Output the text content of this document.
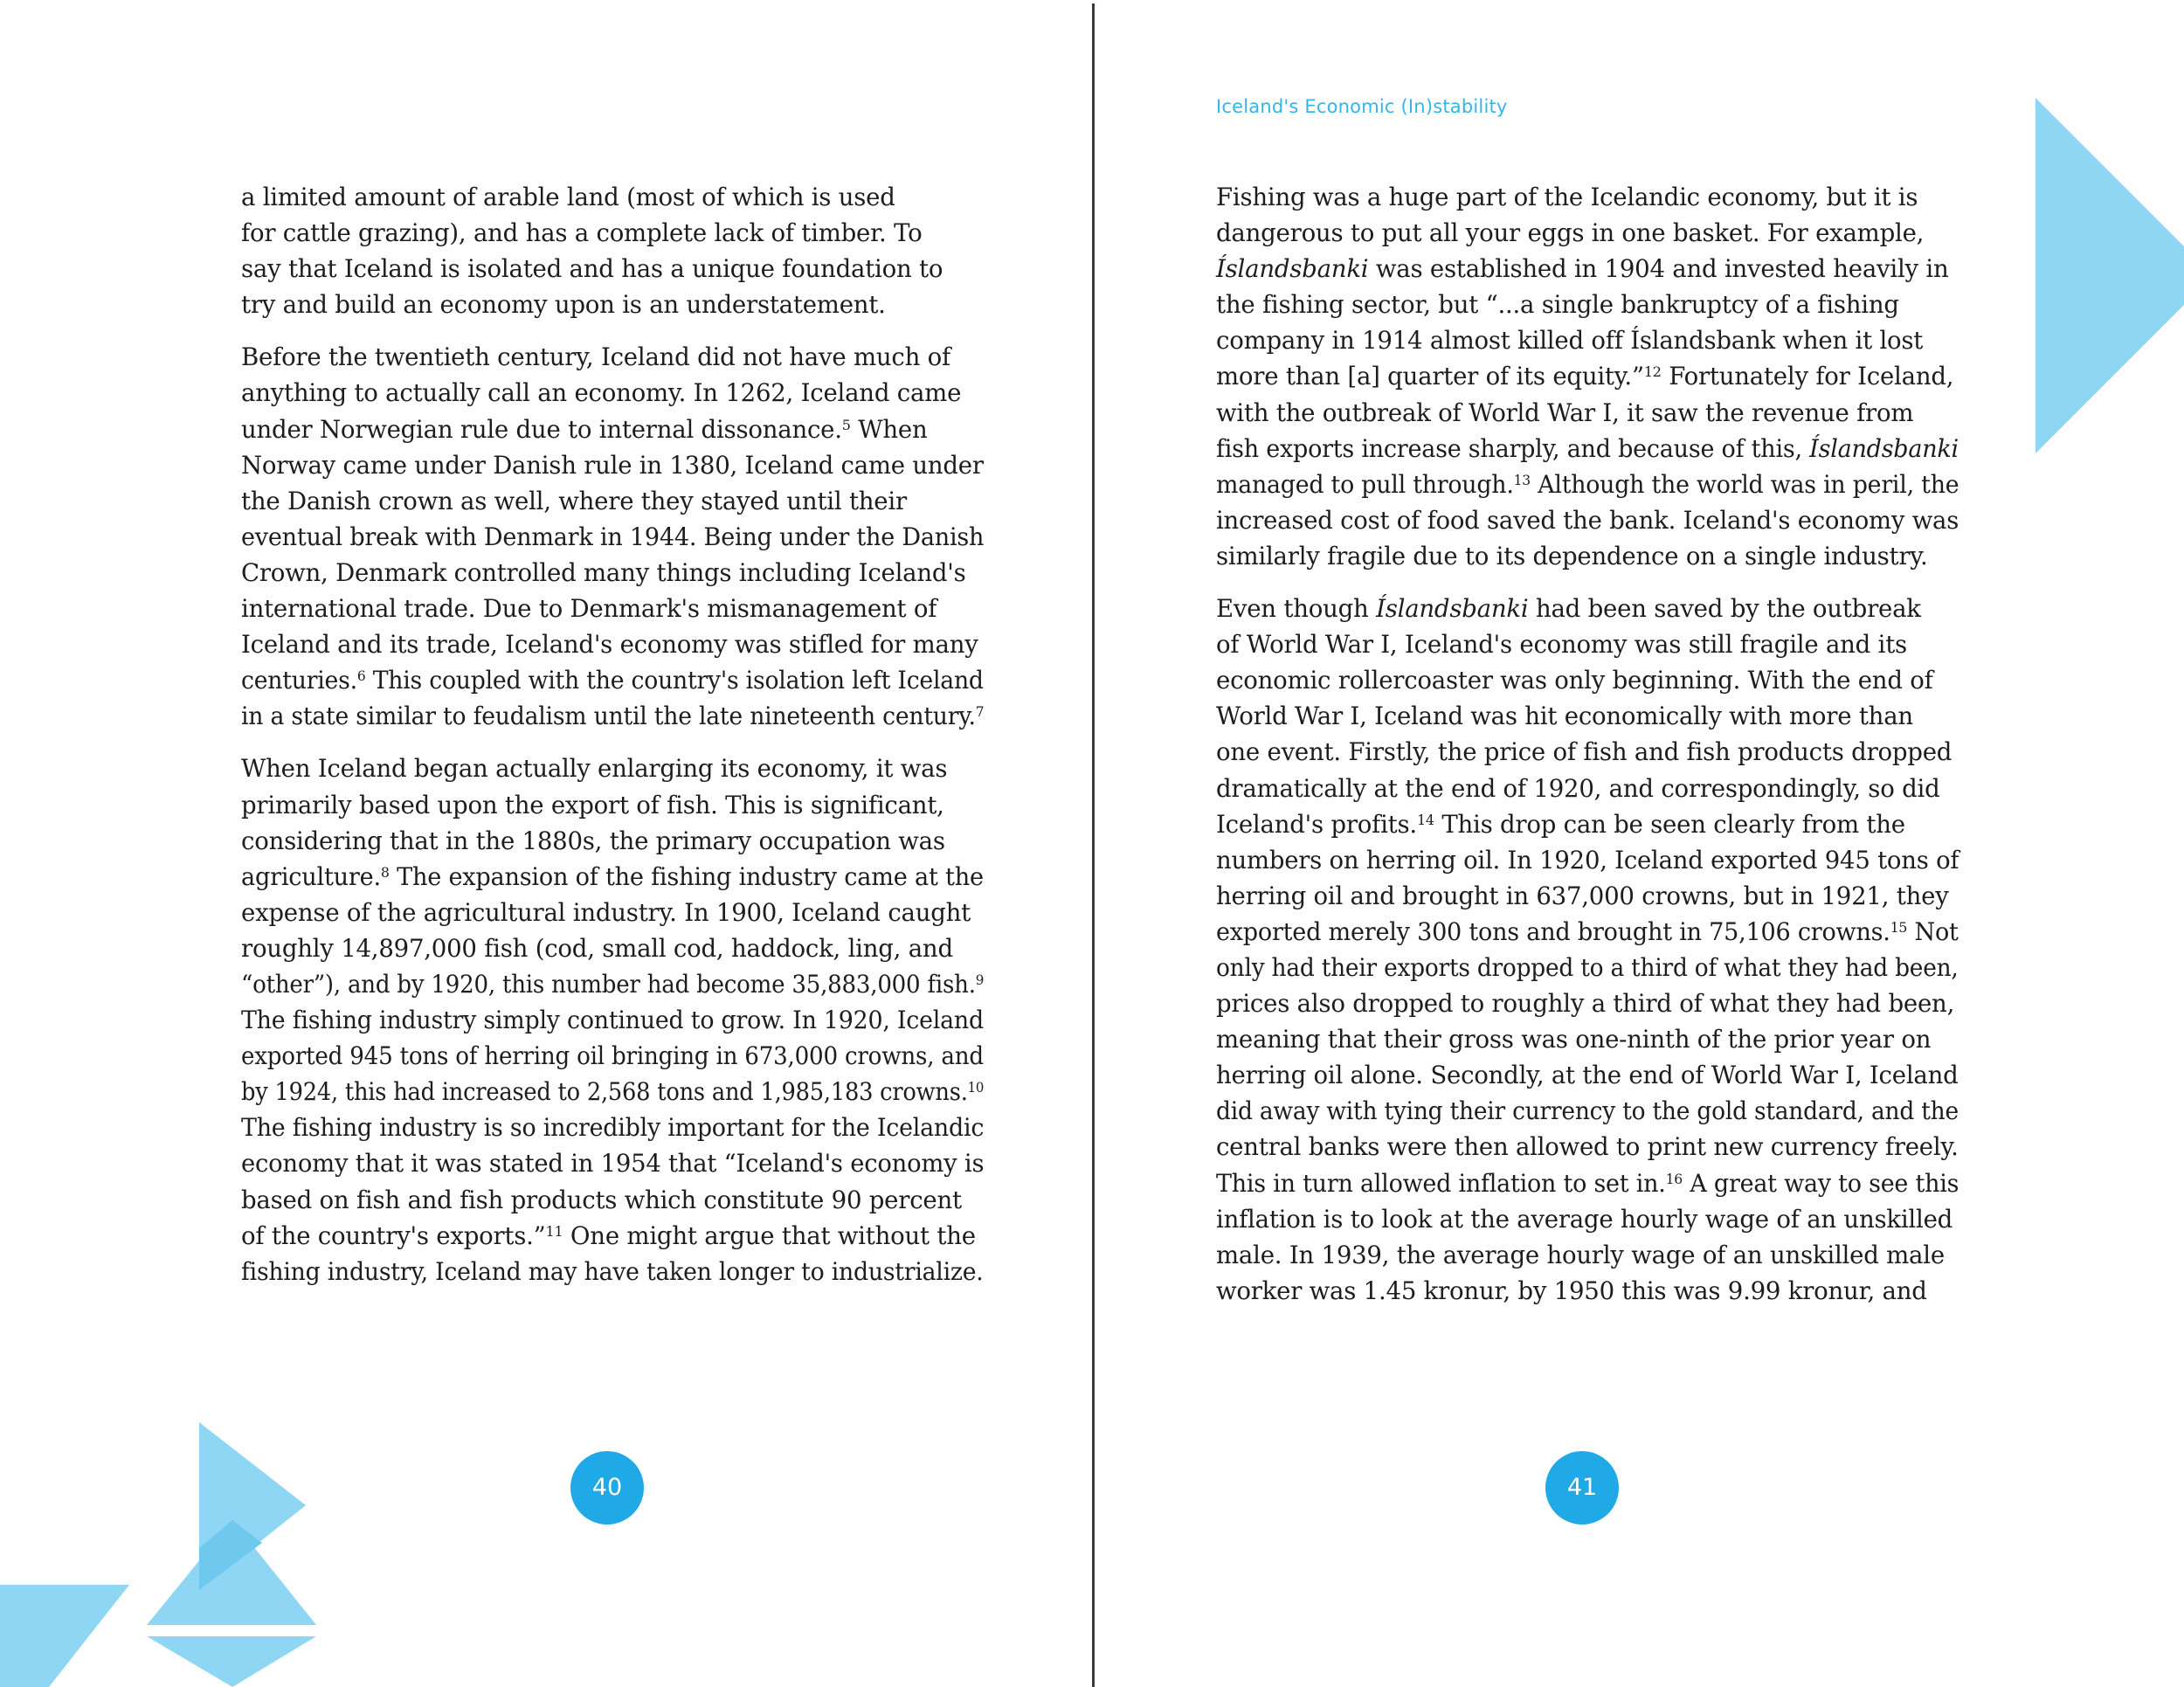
a limited amount of arable land (most of which is used
for cattle grazing), and has a complete lack of timber. To
say that Iceland is isolated and has a unique foundation to
try and build an economy upon is an understatement.
Before the twentieth century, Iceland did not have much of
anything to actually call an economy. In 1262, Iceland came
under Norwegian rule due to internal dissonance.$^5$ When
Norway came under Danish rule in 1380, Iceland came under
the Danish crown as well, where they stayed until their
eventual break with Denmark in 1944. Being under the Danish
Crown, Denmark controlled many things including Iceland's
international trade. Due to Denmark's mismanagement of
Iceland and its trade, Iceland's economy was stifled for many
centuries.$^6$ This coupled with the country's isolation left Iceland
in a state similar to feudalism until the late nineteenth century.$^7$
When Iceland began actually enlarging its economy, it was
primarily based upon the export of fish. This is significant,
considering that in the 1880s, the primary occupation was
agriculture.$^8$ The expansion of the fishing industry came at the
expense of the agricultural industry. In 1900, Iceland caught
roughly 14,897,000 fish (cod, small cod, haddock, ling, and
“other”), and by 1920, this number had become 35,883,000 fish.$^9$
The fishing industry simply continued to grow. In 1920, Iceland
exported 945 tons of herring oil bringing in 673,000 crowns, and
by 1924, this had increased to 2,568 tons and 1,985,183 crowns.$^{10}$
The fishing industry is so incredibly important for the Icelandic
economy that it was stated in 1954 that “Iceland's economy is
based on fish and fish products which constitute 90 percent
of the country's exports.”$^{11}$ One might argue that without the
fishing industry, Iceland may have taken longer to industrialize.
40
Iceland's Economic (In)stability
Fishing was a huge part of the Icelandic economy, but it is
dangerous to put all your eggs in one basket. For example,
Íslandsbanki was established in 1904 and invested heavily in
the fishing sector, but “...a single bankruptcy of a fishing
company in 1914 almost killed off Íslandsbank when it lost
more than [a] quarter of its equity.”$^{12}$ Fortunately for Iceland,
with the outbreak of World War I, it saw the revenue from
fish exports increase sharply, and because of this, Íslandsbanki
managed to pull through.$^{13}$ Although the world was in peril, the
increased cost of food saved the bank. Iceland's economy was
similarly fragile due to its dependence on a single industry.
Even though Íslandsbanki had been saved by the outbreak
of World War I, Iceland's economy was still fragile and its
economic rollercoaster was only beginning. With the end of
World War I, Iceland was hit economically with more than
one event. Firstly, the price of fish and fish products dropped
dramatically at the end of 1920, and correspondingly, so did
Iceland's profits.$^{14}$ This drop can be seen clearly from the
numbers on herring oil. In 1920, Iceland exported 945 tons of
herring oil and brought in 637,000 crowns, but in 1921, they
exported merely 300 tons and brought in 75,106 crowns.$^{15}$ Not
only had their exports dropped to a third of what they had been,
prices also dropped to roughly a third of what they had been,
meaning that their gross was one-ninth of the prior year on
herring oil alone. Secondly, at the end of World War I, Iceland
did away with tying their currency to the gold standard, and the
central banks were then allowed to print new currency freely.
This in turn allowed inflation to set in.$^{16}$ A great way to see this
inflation is to look at the average hourly wage of an unskilled
male. In 1939, the average hourly wage of an unskilled male
worker was 1.45 kronur, by 1950 this was 9.99 kronur, and
41
